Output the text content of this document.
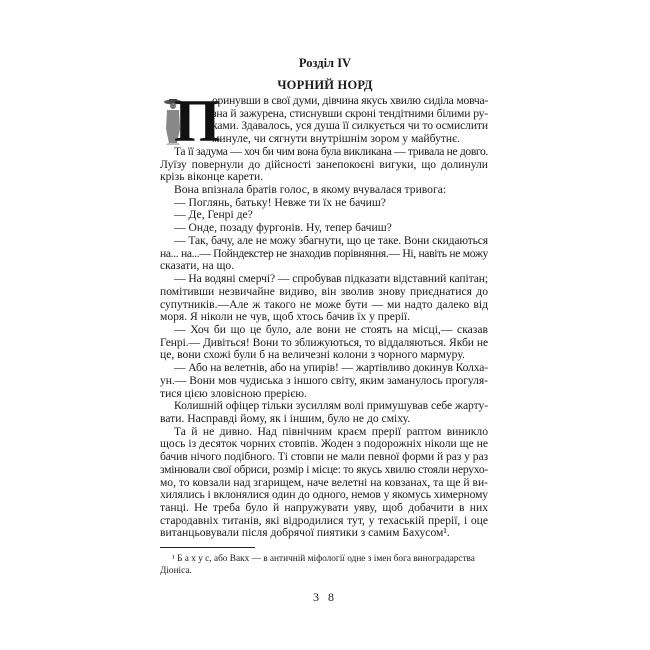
Розділ IV
ЧОРНИЙ НОРД
П
оринувши в свої думи, дівчина якусь хвилю сиділа мовча-
зна й зажурена, стиснувши скроні тендітними білими ру-
ками. Здавалось, уся душа її силкується чи то осмислити
минуле, чи сягнути внутрішнім зором у майбутнє.
Та її задума — хоч би чим вона була викликана — тривала не довго.
Луїзу повернули до дійсності занепокоєні вигуки, що долинули
крізь віконце карети.
Вона впізнала братів голос, в якому вчувалася тривога:
— Поглянь, батьку! Невже ти їх не бачиш?
— Де, Генрі де?
— Онде, позаду фургонів. Ну, тепер бачиш?
— Так, бачу, але не можу збагнути, що це таке. Вони скидаються
на... на...— Пойндекстер не знаходив порівняння.— Ні, навіть не можу
сказати, на що.
— На водяні смерчі? — спробував підказати відставний капітан;
помітивши незвичайне видиво, він зволив знову приєднатися до
супутників.—Але ж такого не може бути — ми надто далеко від
моря. Я ніколи не чув, щоб хтось бачив їх у прерії.
— Хоч би що це було, але вони не стоять на місці,— сказав
Генрі.— Дивіться! Вони то зближуються, то віддаляються. Якби не
це, вони схожі були б на величезні колони з чорного мармуру.
— Або на велетнів, або на упирів! — жартівливо докинув Колха-
ун.— Вони мов чудиська з іншого світу, яким заманулось прогуля-
тися цією зловісною прерією.
Колишній офіцер тільки зусиллям волі примушував себе жарту-
вати. Насправді йому, як і іншим, було не до сміху.
Та й не дивно. Над північним краєм прерії раптом виникло
щось із десяток чорних стовпів. Жоден з подорожніх ніколи ще не
бачив нічого подібного. Ті стовпи не мали певної форми й раз у раз
змінювали свої обриси, розмір і місце: то якусь хвилю стояли нерухо-
мо, то ковзали над згарищем, наче велетні на ковзанах, та ще й ви-
хилялись і вклонялися один до одного, немов у якомусь химерному
танці. Не треба було й напружувати уяву, щоб добачити в них
стародавніх титанів, які відродилися тут, у техаській прерії, і оце
витанцьовували після добрячої пиятики з самим Бахусом¹.
¹ Б а х у с, або Вакх — в античній міфології одне з імен бога виноградарства
Діоніса.
3 8
